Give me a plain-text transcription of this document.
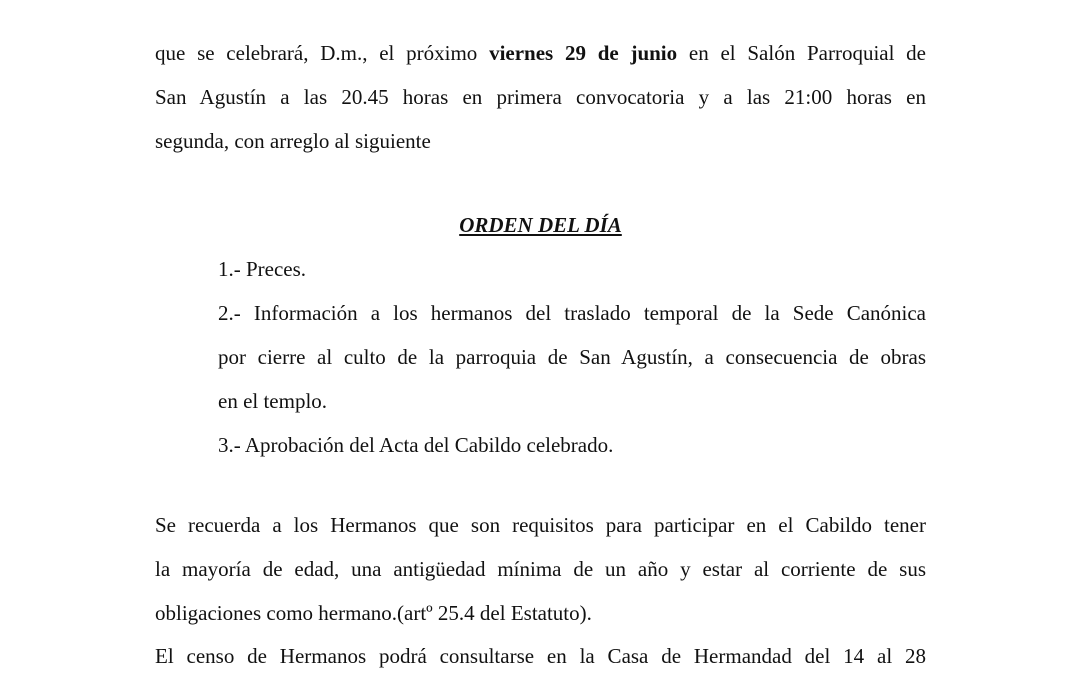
que se celebrará, D.m., el próximo viernes 29 de junio en el Salón Parroquial de
San Agustín a las 20.45 horas en primera convocatoria y a las 21:00 horas en
segunda, con arreglo al siguiente
ORDEN DEL DÍA
1.- Preces.
2.- Información a los hermanos del traslado temporal de la Sede Canónica
por cierre al culto de la parroquia de San Agustín, a consecuencia de obras
en el templo.
3.- Aprobación del Acta del Cabildo celebrado.
Se recuerda a los Hermanos que son requisitos para participar en el Cabildo tener
la mayoría de edad, una antigüedad mínima de un año y estar al corriente de sus
obligaciones como hermano.(artº 25.4 del Estatuto).
El censo de Hermanos podrá consultarse en la Casa de Hermandad del 14 al 28
